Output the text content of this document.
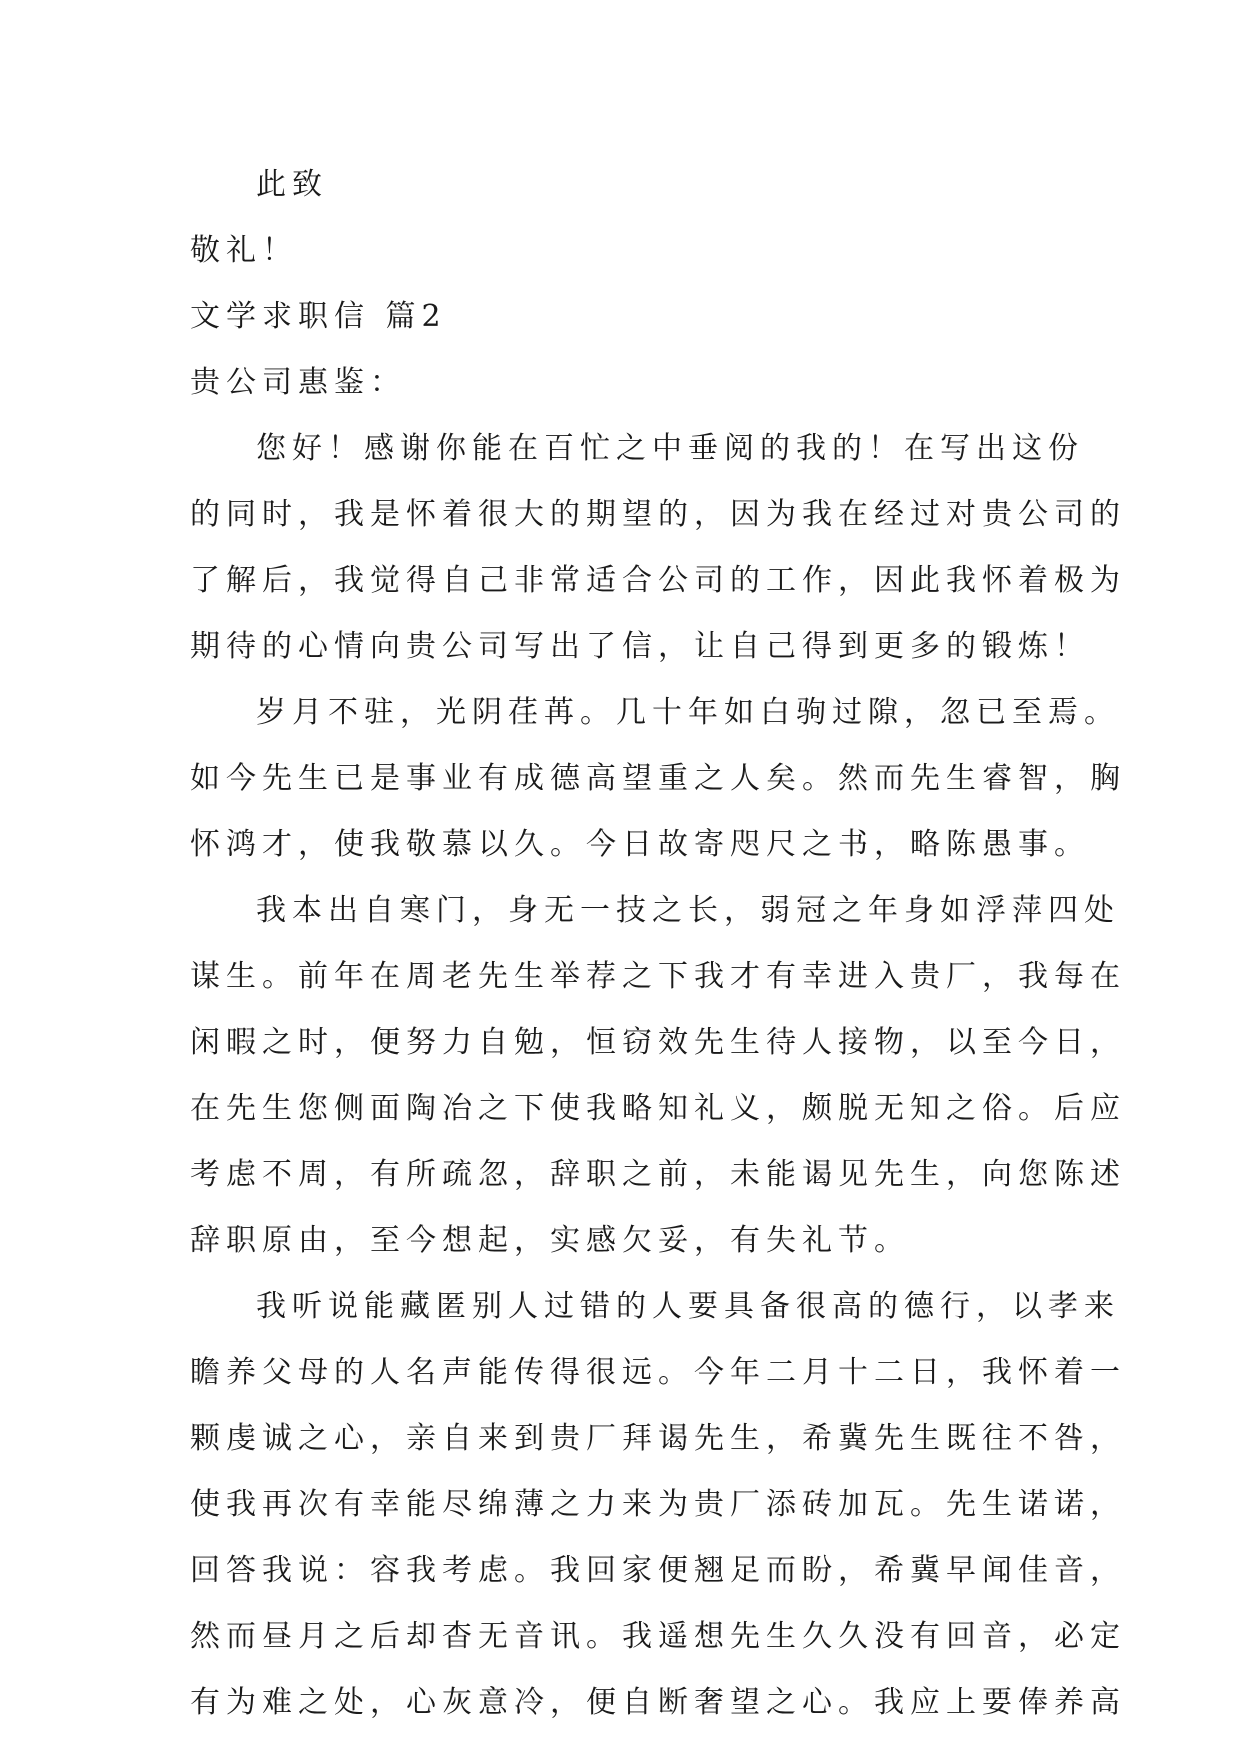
此致
敬礼！
文学求职信 篇2
贵公司惠鉴：
您好！感谢你能在百忙之中垂阅的我的！在写出这份
的同时，我是怀着很大的期望的，因为我在经过对贵公司的
了解后，我觉得自己非常适合公司的工作，因此我怀着极为
期待的心情向贵公司写出了信，让自己得到更多的锻炼！
岁月不驻，光阴荏苒。几十年如白驹过隙，忽已至焉。
如今先生已是事业有成德高望重之人矣。然而先生睿智，胸
怀鸿才，使我敬慕以久。今日故寄咫尺之书，略陈愚事。
我本出自寒门，身无一技之长，弱冠之年身如浮萍四处
谋生。前年在周老先生举荐之下我才有幸进入贵厂，我每在
闲暇之时，便努力自勉，恒窃效先生待人接物，以至今日，
在先生您侧面陶冶之下使我略知礼义，颇脱无知之俗。后应
考虑不周，有所疏忽，辞职之前，未能谒见先生，向您陈述
辞职原由，至今想起，实感欠妥，有失礼节。
我听说能藏匿别人过错的人要具备很高的德行，以孝来
瞻养父母的人名声能传得很远。今年二月十二日，我怀着一
颗虔诚之心，亲自来到贵厂拜谒先生，希冀先生既往不咎，
使我再次有幸能尽绵薄之力来为贵厂添砖加瓦。先生诺诺，
回答我说：容我考虑。我回家便翘足而盼，希冀早闻佳音，
然而昼月之后却杳无音讯。我遥想先生久久没有回音，必定
有为难之处，心灰意冷，便自断奢望之心。我应上要俸养高
